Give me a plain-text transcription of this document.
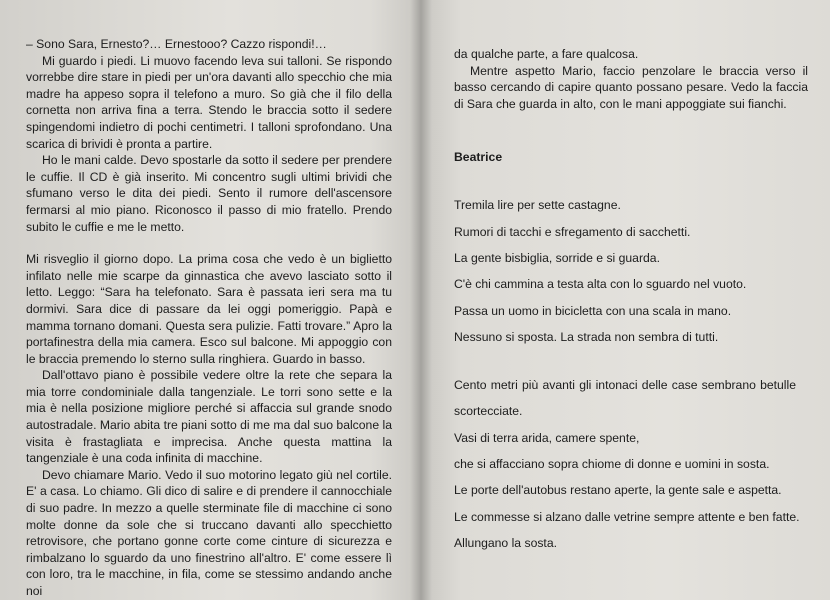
– Sono Sara, Ernesto?… Ernestooo? Cazzo rispondi!…

Mi guardo i piedi. Li muovo facendo leva sui talloni. Se rispondo vorrebbe dire stare in piedi per un'ora davanti allo specchio che mia madre ha appeso sopra il telefono a muro. So già che il filo della cornetta non arriva fina a terra. Stendo le braccia sotto il sedere spingendomi indietro di pochi centimetri. I talloni sprofondano. Una scarica di brividi è pronta a partire.

Ho le mani calde. Devo spostarle da sotto il sedere per prendere le cuffie. Il CD è già inserito. Mi concentro sugli ultimi brividi che sfumano verso le dita dei piedi. Sento il rumore dell'ascensore fermarsi al mio piano. Riconosco il passo di mio fratello. Prendo subito le cuffie e me le metto.

Mi risveglio il giorno dopo. La prima cosa che vedo è un biglietto infilato nelle mie scarpe da ginnastica che avevo lasciato sotto il letto. Leggo: “Sara ha telefonato. Sara è passata ieri sera ma tu dormivi. Sara dice di passare da lei oggi pomeriggio. Papà e mamma tornano domani. Questa sera pulizie. Fatti trovare.” Apro la portafinestra della mia camera. Esco sul balcone. Mi appoggio con le braccia premendo lo sterno sulla ringhiera. Guardo in basso.

Dall'ottavo piano è possibile vedere oltre la rete che separa la mia torre condominiale dalla tangenziale. Le torri sono sette e la mia è nella posizione migliore perché si affaccia sul grande snodo autostradale. Mario abita tre piani sotto di me ma dal suo balcone la visita è frastagliata e imprecisa. Anche questa mattina la tangenziale è una coda infinita di macchine.

Devo chiamare Mario. Vedo il suo motorino legato giù nel cortile. E' a casa. Lo chiamo. Gli dico di salire e di prendere il cannocchiale di suo padre. In mezzo a quelle sterminate file di macchine ci sono molte donne da sole che si truccano davanti allo specchietto retrovisore, che portano gonne corte come cinture di sicurezza e rimbalzano lo sguardo da uno finestrino all'altro. E' come essere lì con loro, tra le macchine, in fila, come se stessimo andando anche noi

da qualche parte, a fare qualcosa.

Mentre aspetto Mario, faccio penzolare le braccia verso il basso cercando di capire quanto possano pesare. Vedo la faccia di Sara che guarda in alto, con le mani appoggiate sui fianchi.

Beatrice

Tremila lire per sette castagne.

Rumori di tacchi e sfregamento di sacchetti.

La gente bisbiglia, sorride e si guarda.

C'è chi cammina a testa alta con lo sguardo nel vuoto.

Passa un uomo in bicicletta con una scala in mano.

Nessuno si sposta. La strada non sembra di tutti.

Cento metri più avanti gli intonaci delle case sembrano betulle

scortecciate.

Vasi di terra arida, camere spente,

che si affacciano sopra chiome di donne e uomini in sosta.

Le porte dell'autobus restano aperte, la gente sale e aspetta.

Le commesse si alzano dalle vetrine sempre attente e ben fatte.

Allungano la sosta.
